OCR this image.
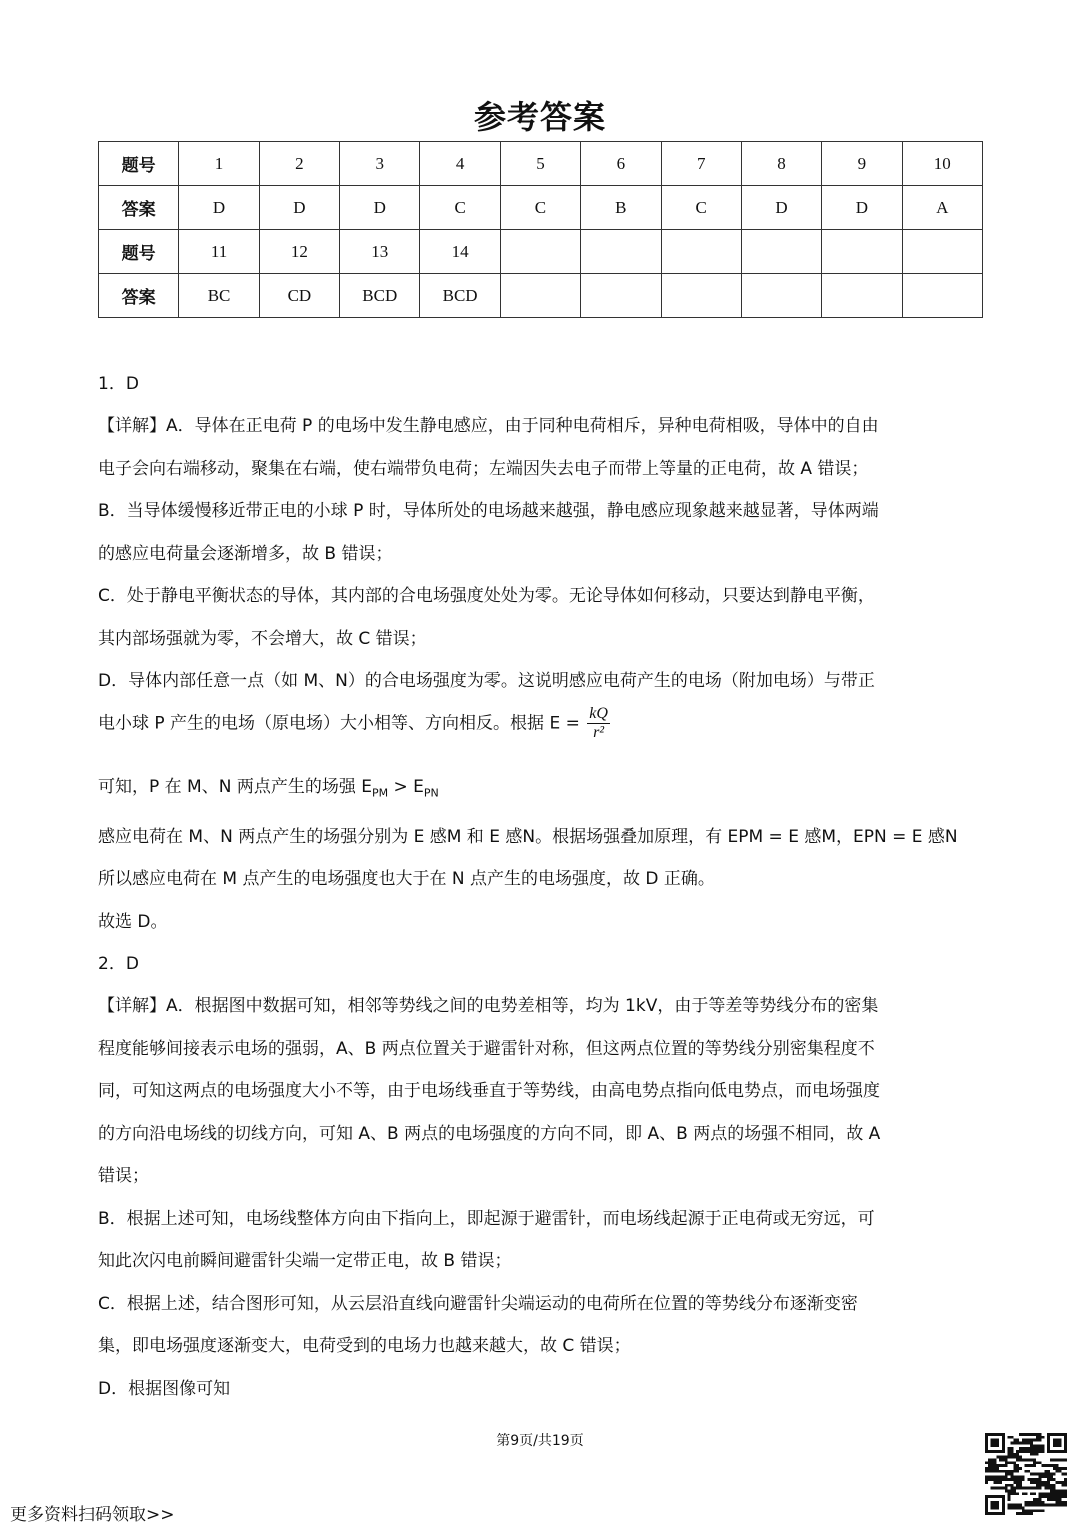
参考答案
题号	1	2	3	4	5	6	7	8	9	10
答案	D	D	D	C	C	B	C	D	D	A
题号	11	12	13	14						
答案	BC	CD	BCD	BCD						
1．D
【详解】A．导体在正电荷 P 的电场中发生静电感应，由于同种电荷相斥，异种电荷相吸，导体中的自由
电子会向右端移动，聚集在右端，使右端带负电荷；左端因失去电子而带上等量的正电荷，故 A 错误；
B．当导体缓慢移近带正电的小球 P 时，导体所处的电场越来越强，静电感应现象越来越显著，导体两端
的感应电荷量会逐渐增多，故 B 错误；
C．处于静电平衡状态的导体，其内部的合电场强度处处为零。无论导体如何移动，只要达到静电平衡，
其内部场强就为零，不会增大，故 C 错误；
D．导体内部任意一点（如 M、N）的合电场强度为零。这说明感应电荷产生的电场（附加电场）与带正
电小球 P 产生的电场（原电场）大小相等、方向相反。根据 $E = \frac{kQ}{\text{r²}}$
可知，P 在 M、N 两点产生的场强 $E_{PM} > E_{PN}$
感应电荷在 M、N 两点产生的场强分别为 E 感M 和 E 感N。根据场强叠加原理，有 EPM = E 感M，EPN = E 感N
所以感应电荷在 M 点产生的电场强度也大于在 N 点产生的电场强度，故 D 正确。
故选 D。
2．D
【详解】A．根据图中数据可知，相邻等势线之间的电势差相等，均为 1kV，由于等差等势线分布的密集
程度能够间接表示电场的强弱，A、B 两点位置关于避雷针对称，但这两点位置的等势线分别密集程度不
同，可知这两点的电场强度大小不等，由于电场线垂直于等势线，由高电势点指向低电势点，而电场强度
的方向沿电场线的切线方向，可知 A、B 两点的电场强度的方向不同，即 A、B 两点的场强不相同，故 A
错误；
B．根据上述可知，电场线整体方向由下指向上，即起源于避雷针，而电场线起源于正电荷或无穷远，可
知此次闪电前瞬间避雷针尖端一定带正电，故 B 错误；
C．根据上述，结合图形可知，从云层沿直线向避雷针尖端运动的电荷所在位置的等势线分布逐渐变密
集，即电场强度逐渐变大，电荷受到的电场力也越来越大，故 C 错误；
D．根据图像可知
第9页/共19页
更多资料扫码领取>>
